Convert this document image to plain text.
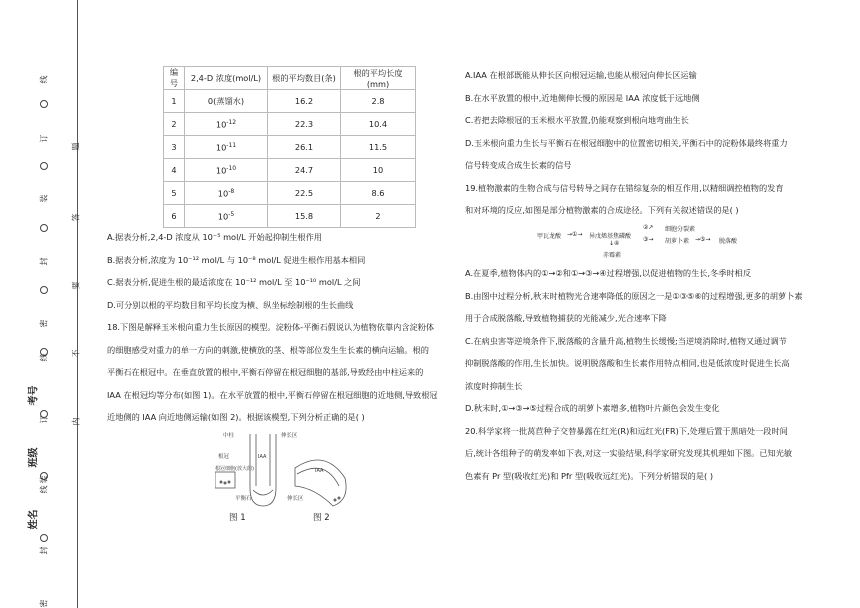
线
订
题
装
答
封
要
密
不
线
内
订
装
线
封
密
考号
班级
姓名
编号	2,4-D 浓度(mol/L)	根的平均数目(条)	根的平均长度(mm)
1	0(蒸馏水)	16.2	2.8
2	$10^{-12}$	22.3	10.4
3	$10^{-11}$	26.1	11.5
4	$10^{-10}$	24.7	10
5	$10^{-8}$	22.5	8.6
6	$10^{-5}$	15.8	2

A.据表分析,2,4-D 浓度从 10⁻⁵ mol/L 开始起抑制生根作用

B.据表分析,浓度为 10⁻¹² mol/L 与 10⁻⁸ mol/L 促进生根作用基本相同

C.据表分析,促进生根的最适浓度在 10⁻¹² mol/L 至 10⁻¹⁰ mol/L 之间

D.可分别以根的平均数目和平均长度为横、纵坐标绘制根的生长曲线

18.下图是解释玉米根向重力生长原因的模型。淀粉体-平衡石假说认为植物依靠内含淀粉体

的细胞感受对重力的单一方向的刺激,使横放的茎、根等部位发生生长素的横向运输。根的

平衡石在根冠中。在垂直放置的根中,平衡石停留在根冠细胞的基部,导致经由中柱运来的

IAA 在根冠均等分布(如图 1)。在水平放置的根中,平衡石停留在根冠细胞的近地侧,导致根冠

近地侧的 IAA 向近地侧运输(如图 2)。根据该模型,下列分析正确的是( )

中柱
根冠
根冠细胞(放大的)
平衡石
伸长区
伸长区
IAA
IAA
图 1	图 2

A.IAA 在根部既能从伸长区向根冠运输,也能从根冠向伸长区运输

B.在水平放置的根中,近地侧伸长慢的原因是 IAA 浓度低于远地侧

C.若把去除根冠的玉米根水平放置,仍能观察到根向地弯曲生长

D.玉米根向重力生长与平衡石在根冠细胞中的位置密切相关,平衡石中的淀粉体最终将重力

信号转变成合成生长素的信号

19.植物激素的生物合成与信号转导之间存在错综复杂的相互作用,以精细调控植物的发育

和对环境的反应,如图是部分植物激素的合成途径。下列有关叙述错误的是( )

甲瓦龙酸 →①→ 异戊烯基焦磷酸
②↗
③→
细胞分裂素
胡萝卜素 →⑤→ 脱落酸
↓④
赤霉素

A.在夏季,植物体内的①→②和①→③→④过程增强,以促进植物的生长,冬季时相反

B.由图中过程分析,秋末时植物光合速率降低的原因之一是①③⑤⑥的过程增强,更多的胡萝卜素

用于合成脱落酸,导致植物捕获的光能减少,光合速率下降

C.在病虫害等逆境条件下,脱落酸的含量升高,植物生长缓慢;当逆境消除时,植物又通过调节

抑制脱落酸的作用,生长加快。说明脱落酸和生长素作用特点相同,也是低浓度时促进生长高

浓度时抑制生长

D.秋末时,①→③→⑤过程合成的胡萝卜素增多,植物叶片颜色会发生变化

20.科学家将一批莴苣种子交替暴露在红光(R)和远红光(FR)下,处理后置于黑暗处一段时间

后,统计各组种子的萌发率如下表,对这一实验结果,科学家研究发现其机理如下图。已知光敏

色素有 Pr 型(吸收红光)和 Pfr 型(吸收远红光)。下列分析错误的是( )
